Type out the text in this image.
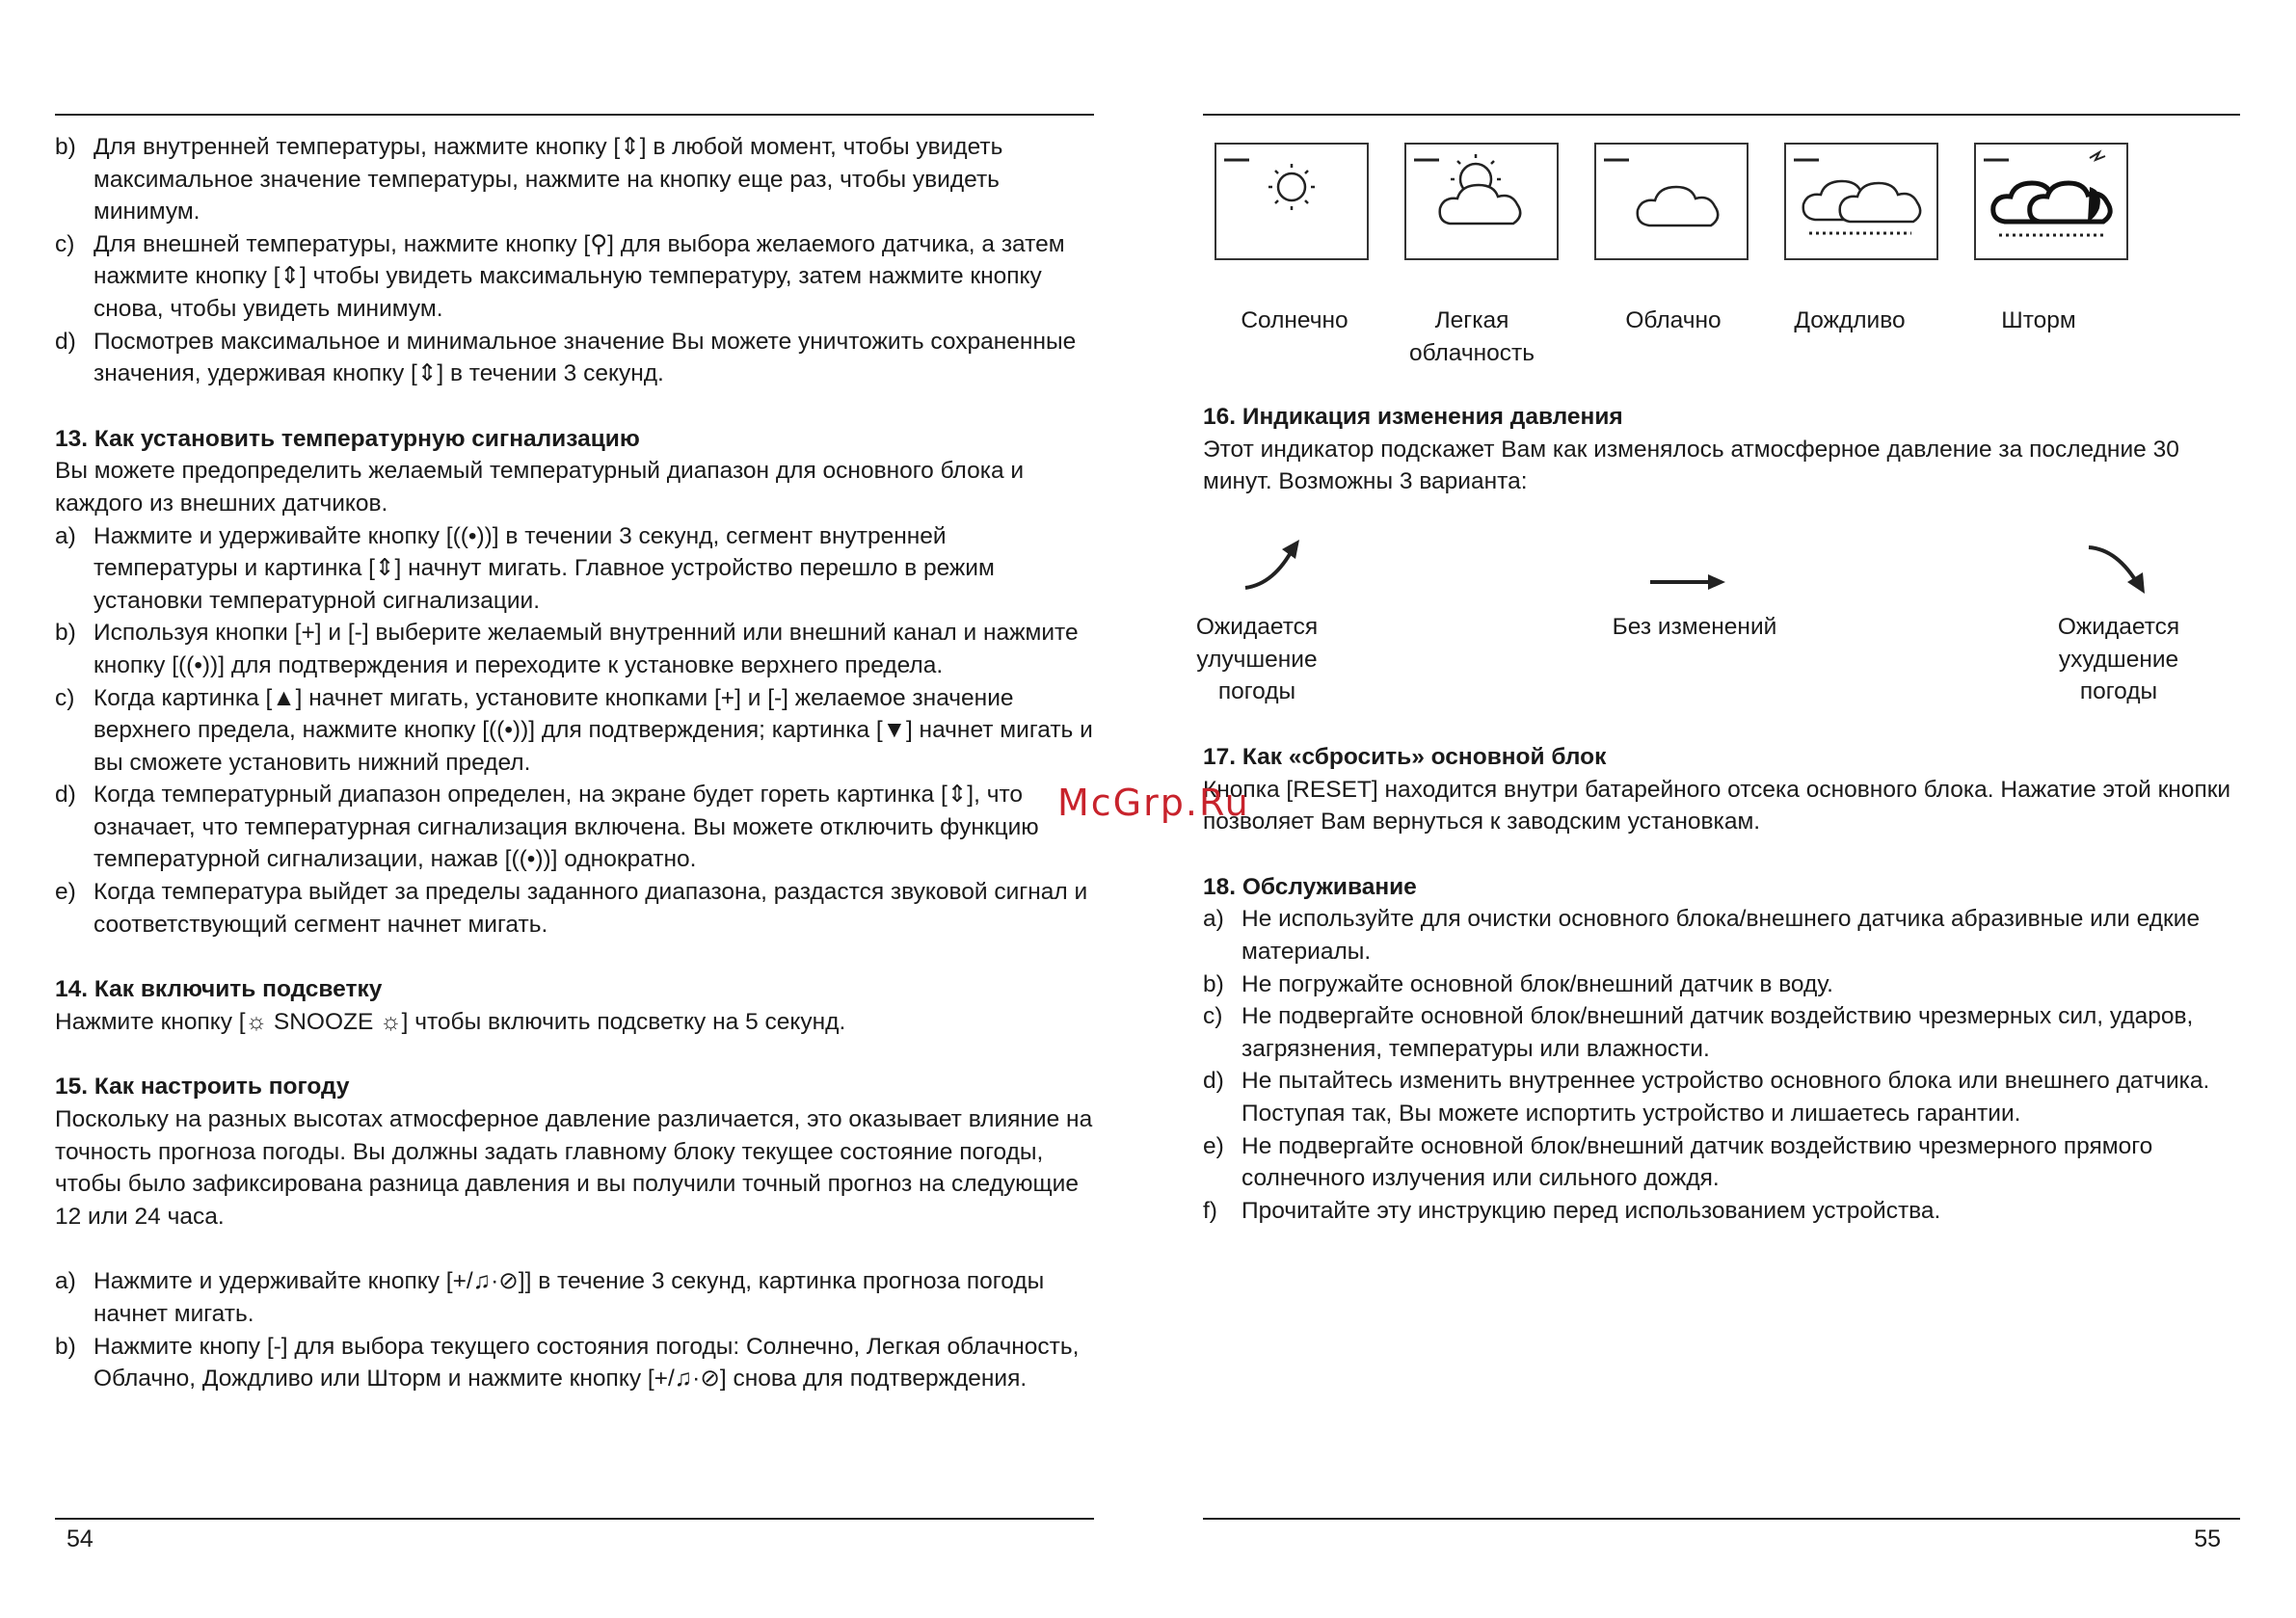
b) Для внутренней температуры, нажмите кнопку [⇕] в любой момент, чтобы увидеть максимальное значение температуры, нажмите на кнопку еще раз, чтобы увидеть минимум.
c) Для внешней температуры, нажмите кнопку [⚲] для выбора желаемого датчика, а затем нажмите кнопку [⇕] чтобы увидеть максимальную температуру, затем нажмите кнопку снова, чтобы увидеть минимум.
d) Посмотрев максимальное и минимальное значение Вы можете уничтожить сохраненные значения, удерживая кнопку [⇕] в течении 3 секунд.
13. Как установить температурную сигнализацию
Вы можете предопределить желаемый температурный диапазон для основного блока и каждого из внешних датчиков.
a) Нажмите и удерживайте кнопку [((•))] в течении 3 секунд, сегмент внутренней температуры и картинка [⇕] начнут мигать. Главное устройство перешло в режим установки температурной сигнализации.
b) Используя кнопки [+] и [-] выберите желаемый внутренний или внешний канал и нажмите кнопку [((•))] для подтверждения и переходите к установке верхнего предела.
c) Когда картинка [▲] начнет мигать, установите кнопками [+] и [-] желаемое значение верхнего предела, нажмите кнопку [((•))] для подтверждения; картинка [▼] начнет мигать и вы сможете установить нижний предел.
d) Когда температурный диапазон определен, на экране будет гореть картинка [⇕], что означает, что температурная сигнализация включена. Вы можете отключить функцию температурной сигнализации, нажав [((•))] однократно.
e) Когда температура выйдет за пределы заданного диапазона, раздастся звуковой сигнал и соответствующий сегмент начнет мигать.
14. Как включить подсветку
Нажмите кнопку [☼ SNOOZE ☼] чтобы включить подсветку на 5 секунд.
15. Как настроить погоду
Поскольку на разных высотах атмосферное давление различается, это оказывает влияние на точность прогноза погоды. Вы должны задать главному блоку текущее состояние погоды, чтобы было зафиксирована разница давления и вы получили точный прогноз на следующие 12 или 24 часа.
a) Нажмите и удерживайте кнопку [+/♫·⊘]] в течение 3 секунд, картинка прогноза погоды начнет мигать.
b) Нажмите кнопу [-] для выбора текущего состояния погоды: Солнечно, Легкая облачность, Облачно, Дождливо или Шторм и нажмите кнопку [+/♫·⊘] снова для подтверждения.
54
Солнечно	Легкая облачность
Облачно	Дождливо	Шторм
16. Индикация изменения давления
Этот индикатор подскажет Вам как изменялось атмосферное давление за последние 30 минут. Возможны 3 варианта:
Ожидается улучшение погоды
Без изменений	Ожидается ухудшение погоды
17. Как «сбросить» основной блок
Кнопка [RESET] находится внутри батарейного отсека основного блока. Нажатие этой кнопки позволяет Вам вернуться к заводским установкам.
18. Обслуживание
a) Не используйте для очистки основного блока/внешнего датчика абразивные или едкие материалы.
b) Не погружайте основной блок/внешний датчик в воду.
c) Не подвергайте основной блок/внешний датчик воздействию чрезмерных сил, ударов, загрязнения, температуры или влажности.
d) Не пытайтесь изменить внутреннее устройство основного блока или внешнего датчика. Поступая так, Вы можете испортить устройство и лишаетесь гарантии.
e) Не подвергайте основной блок/внешний датчик воздействию чрезмерного прямого солнечного излучения или сильного дождя.
f)	Прочитайте эту инструкцию перед использованием устройства.
55
McGrp.Ru
